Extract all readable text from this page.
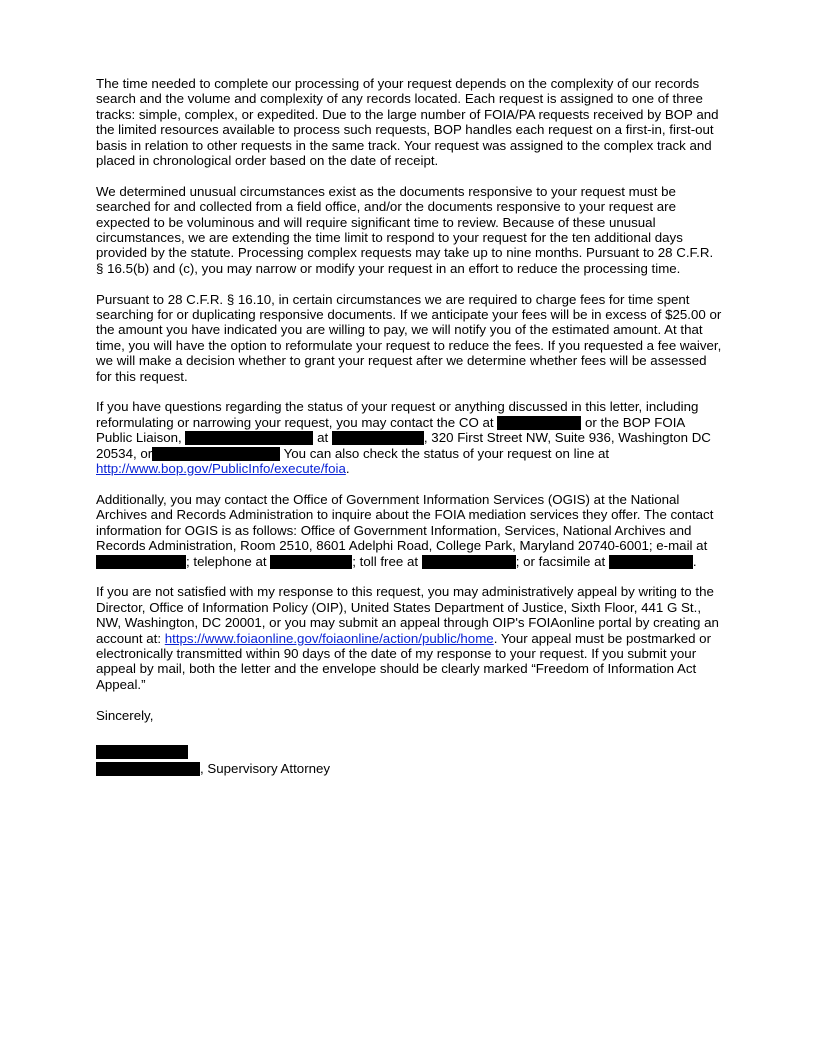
The time needed to complete our processing of your request depends on the complexity of our records search and the volume and complexity of any records located. Each request is assigned to one of three tracks: simple, complex, or expedited. Due to the large number of FOIA/PA requests received by BOP and the limited resources available to process such requests, BOP handles each request on a first-in, first-out basis in relation to other requests in the same track. Your request was assigned to the complex track and placed in chronological order based on the date of receipt.

We determined unusual circumstances exist as the documents responsive to your request must be searched for and collected from a field office, and/or the documents responsive to your request are expected to be voluminous and will require significant time to review. Because of these unusual circumstances, we are extending the time limit to respond to your request for the ten additional days provided by the statute. Processing complex requests may take up to nine months. Pursuant to 28 C.F.R. § 16.5(b) and (c), you may narrow or modify your request in an effort to reduce the processing time.

Pursuant to 28 C.F.R. § 16.10, in certain circumstances we are required to charge fees for time spent searching for or duplicating responsive documents. If we anticipate your fees will be in excess of $25.00 or the amount you have indicated you are willing to pay, we will notify you of the estimated amount. At that time, you will have the option to reformulate your request to reduce the fees. If you requested a fee waiver, we will make a decision whether to grant your request after we determine whether fees will be assessed for this request.

If you have questions regarding the status of your request or anything discussed in this letter, including reformulating or narrowing your request, you may contact the CO at	or the BOP FOIA Public Liaison,	at	, 320 First Street NW, Suite 936, Washington DC 20534, or	You can also check the status of your request on line at http://www.bop.gov/PublicInfo/execute/foia.

Additionally, you may contact the Office of Government Information Services (OGIS) at the National Archives and Records Administration to inquire about the FOIA mediation services they offer. The contact information for OGIS is as follows: Office of Government Information, Services, National Archives and Records Administration, Room 2510, 8601 Adelphi Road, College Park, Maryland 20740-6001; e-mail at ; telephone at	; toll free at	; or facsimile at	.

If you are not satisfied with my response to this request, you may administratively appeal by writing to the Director, Office of Information Policy (OIP), United States Department of Justice, Sixth Floor, 441 G St., NW, Washington, DC 20001, or you may submit an appeal through OIP's FOIAonline portal by creating an account at: https://www.foiaonline.gov/foiaonline/action/public/home. Your appeal must be postmarked or electronically transmitted within 90 days of the date of my response to your request. If you submit your appeal by mail, both the letter and the envelope should be clearly marked “Freedom of Information Act Appeal.”

Sincerely,

, Supervisory Attorney
